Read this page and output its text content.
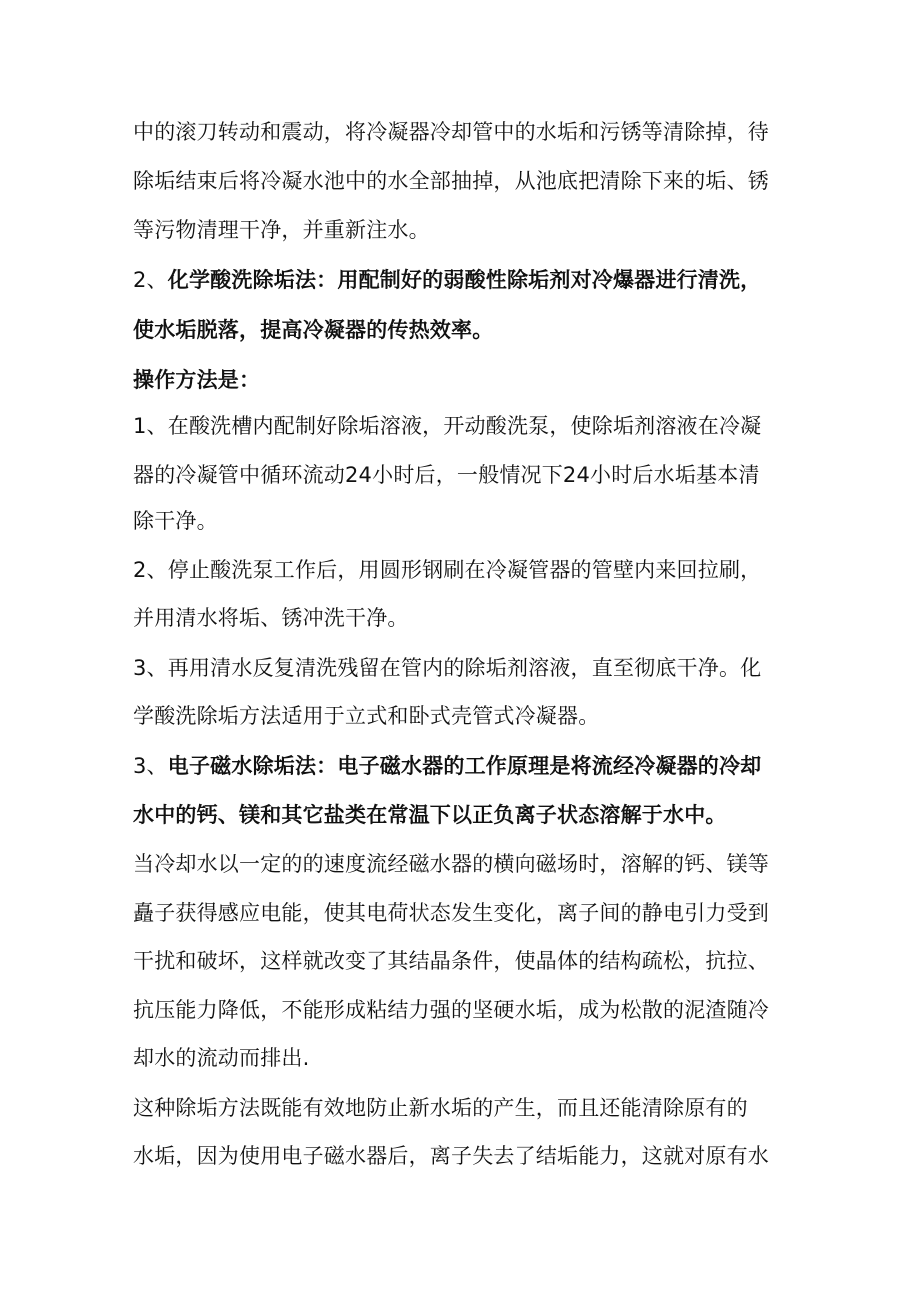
中的滚刀转动和震动，将冷凝器冷却管中的水垢和污锈等清除掉，待
除垢结束后将冷凝水池中的水全部抽掉，从池底把清除下来的垢、锈
等污物清理干净，并重新注水。
2、化学酸洗除垢法：用配制好的弱酸性除垢剂对冷爆器进行清洗，
使水垢脱落，提高冷凝器的传热效率。
操作方法是：
1、在酸洗槽内配制好除垢溶液，开动酸洗泵，使除垢剂溶液在冷凝
器的冷凝管中循环流动24小时后，一般情况下24小时后水垢基本清
除干净。
2、停止酸洗泵工作后，用圆形钢刷在冷凝管器的管壁内来回拉刷，
并用清水将垢、锈冲洗干净。
3、再用清水反复清洗残留在管内的除垢剂溶液，直至彻底干净。化
学酸洗除垢方法适用于立式和卧式壳管式冷凝器。
3、电子磁水除垢法：电子磁水器的工作原理是将流经冷凝器的冷却
水中的钙、镁和其它盐类在常温下以正负离子状态溶解于水中。
当冷却水以一定的的速度流经磁水器的横向磁场时，溶解的钙、镁等
矗子获得感应电能，使其电荷状态发生变化，离子间的静电引力受到
干扰和破坏，这样就改变了其结晶条件，使晶体的结构疏松，抗拉、
抗压能力降低，不能形成粘结力强的坚硬水垢，成为松散的泥渣随冷
却水的流动而排出.
这种除垢方法既能有效地防止新水垢的产生，而且还能清除原有的
水垢，因为使用电子磁水器后，离子失去了结垢能力，这就对原有水
